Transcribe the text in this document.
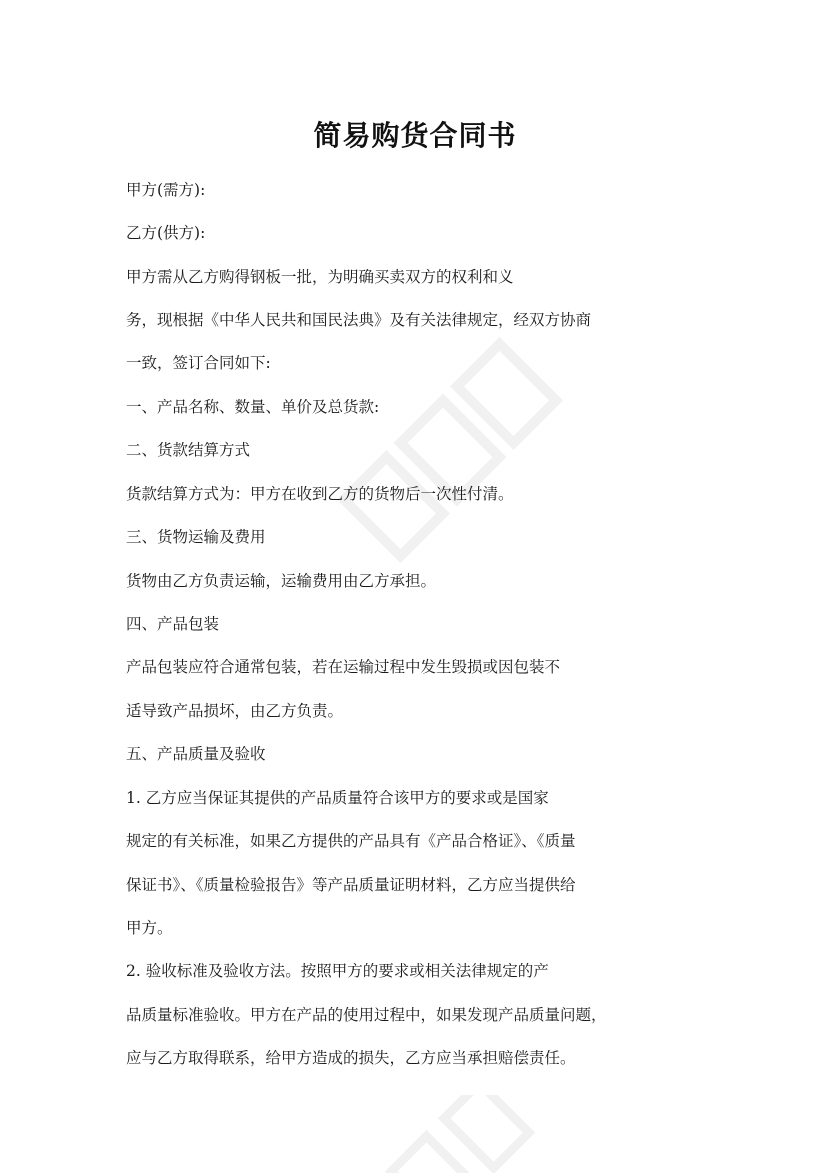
简易购货合同书
甲方(需方):
乙方(供方):
甲方需从乙方购得钢板一批，为明确买卖双方的权利和义
务，现根据《中华人民共和国民法典》及有关法律规定，经双方协商
一致，签订合同如下:
一、产品名称、数量、单价及总货款:
二、货款结算方式
货款结算方式为：甲方在收到乙方的货物后一次性付清。
三、货物运输及费用
货物由乙方负责运输，运输费用由乙方承担。
四、产品包装
产品包装应符合通常包装，若在运输过程中发生毁损或因包装不
适导致产品损坏，由乙方负责。
五、产品质量及验收
1. 乙方应当保证其提供的产品质量符合该甲方的要求或是国家
规定的有关标准，如果乙方提供的产品具有《产品合格证》、《质量
保证书》、《质量检验报告》等产品质量证明材料，乙方应当提供给
甲方。
2. 验收标准及验收方法。按照甲方的要求或相关法律规定的产
品质量标准验收。甲方在产品的使用过程中，如果发现产品质量问题，
应与乙方取得联系，给甲方造成的损失，乙方应当承担赔偿责任。
